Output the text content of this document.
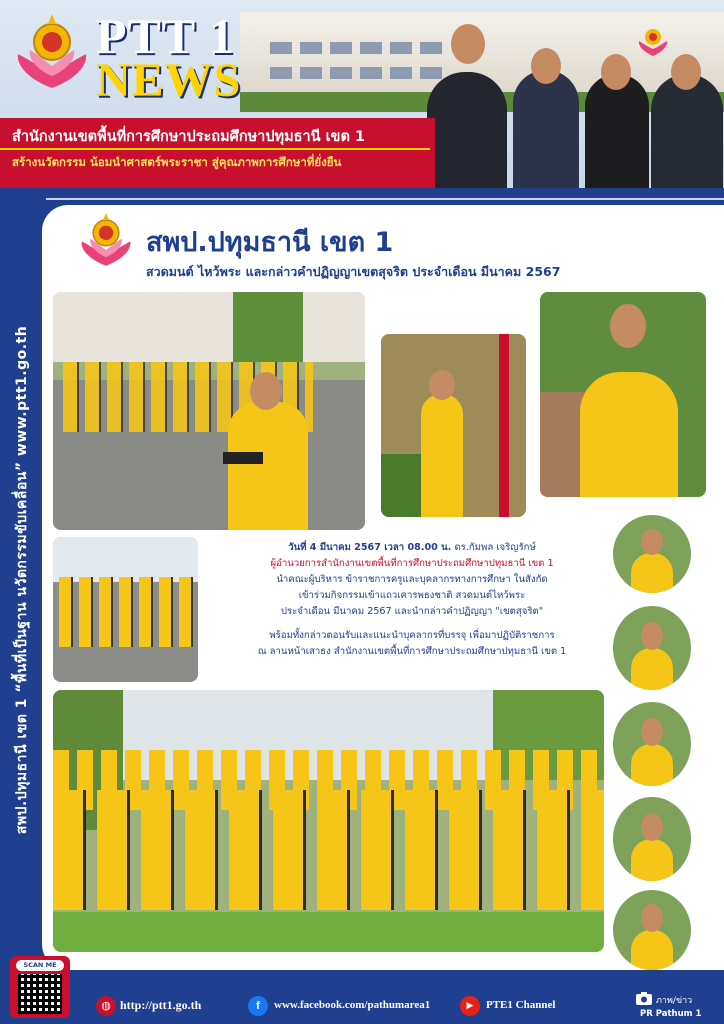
PTT 1
NEWS
สำนักงานเขตพื้นที่การศึกษาประถมศึกษาปทุมธานี เขต 1
สร้างนวัตกรรม น้อมนำศาสตร์พระราชา สู่คุณภาพการศึกษาที่ยั่งยืน
สพป.ปทุมธานี เขต 1 “พื้นที่เป็นฐาน นวัตกรรมขับเคลื่อน” www.ptt1.go.th
สพป.ปทุมธานี เขต 1
สวดมนต์ ไหว้พระ และกล่าวคำปฏิญญาเขตสุจริต ประจำเดือน มีนาคม 2567
วันที่ 4 มีนาคม 2567 เวลา 08.00 น. ดร.กัมพล เจริญรักษ์
ผู้อำนวยการสำนักงานเขตพื้นที่การศึกษาประถมศึกษาปทุมธานี เขต 1
นำคณะผู้บริหาร ข้าราชการครูและบุคลากรทางการศึกษา ในสังกัด
เข้าร่วมกิจกรรมเข้าแถวเคารพธงชาติ สวดมนต์ไหว้พระ
ประจำเดือน มีนาคม 2567 และนำกล่าวคำปฏิญญา "เขตสุจริต"
พร้อมทั้งกล่าวตอนรับและแนะนำบุคลากรที่บรรจุ เพื่อมาปฏิบัติราชการ
ณ ลานหน้าเสาธง สำนักงานเขตพื้นที่การศึกษาประถมศึกษาปทุมธานี เขต 1
SCAN ME
◍ http://ptt1.go.th	f	www.facebook.com/pathumarea1	▶	PTE1 Channel	ภาพ/ข่าว
PR Pathum 1
